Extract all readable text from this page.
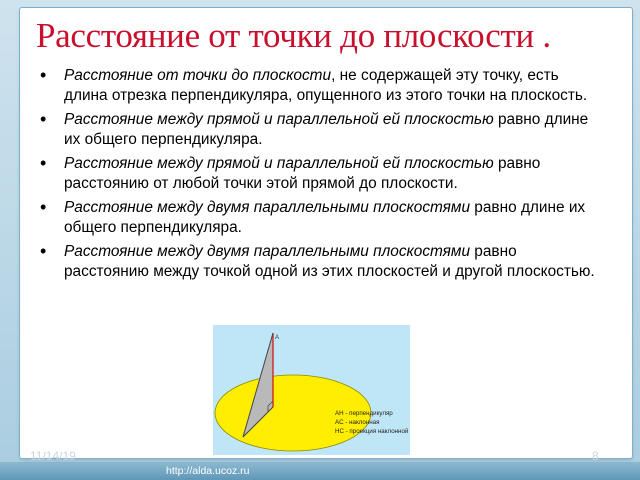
Расстояние от точки до плоскости .
• Расстояние от точки до плоскости, не содержащей эту точку, есть длина отрезка перпендикуляра, опущенного из этого точки на плоскость.
• Расстояние между прямой и параллельной ей плоскостью равно длине их общего перпендикуляра.
• Расстояние между прямой и параллельной ей плоскостью равно расстоянию от любой точки этой прямой до плоскости.
• Расстояние между двумя параллельными плоскостями равно длине их общего перпендикуляра.
• Расстояние между двумя параллельными плоскостями равно расстоянию между точкой одной из этих плоскостей и другой плоскостью.
A
AH - перпендикуляр
AC - наклонная
HC - проекция наклонной
11/14/19	8
http://alda.ucoz.ru
